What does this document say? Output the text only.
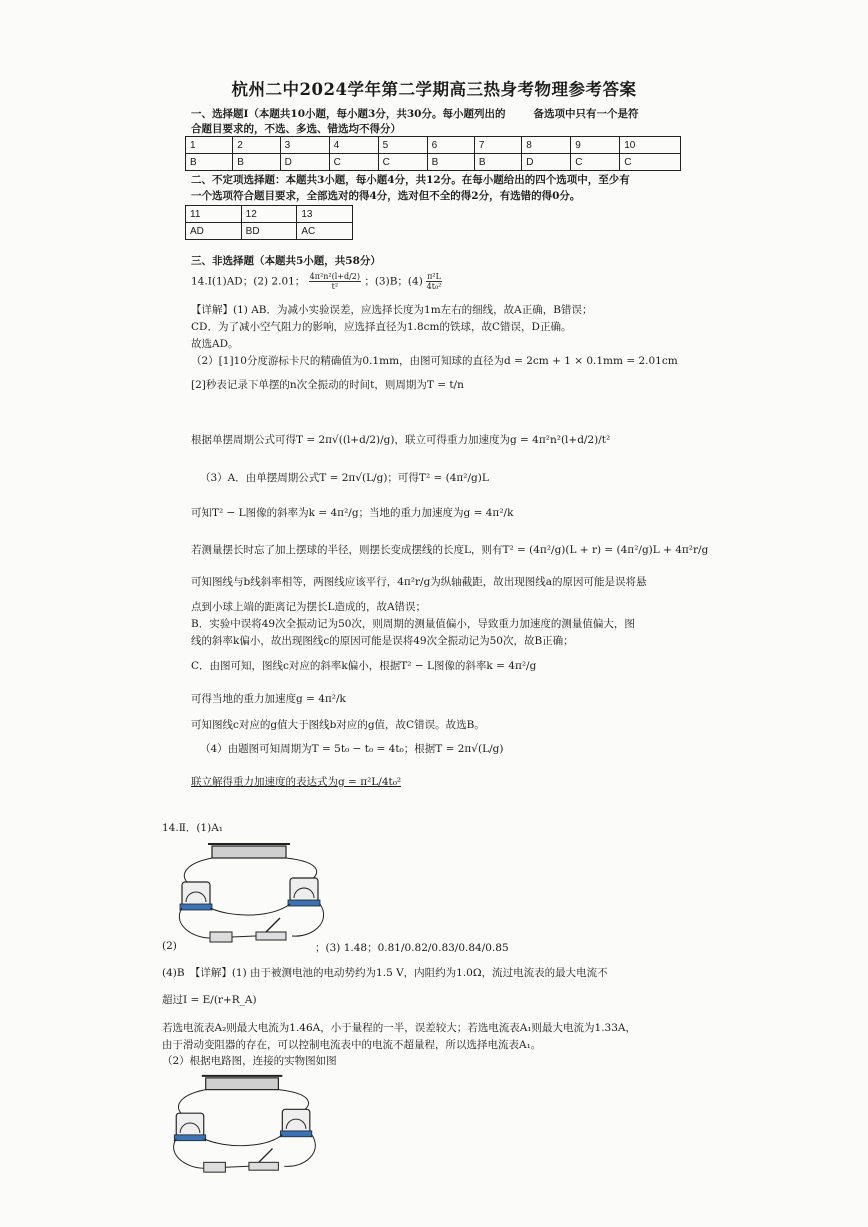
杭州二中2024学年第二学期高三热身考物理参考答案
一、选择题Ⅰ（本题共10小题，每小题3分，共30分。每小题列出的	备选项中只有一个是符
合题目要求的，不选、多选、错选均不得分）
1	2	3	4	5	6	7	8	9	10
B	B	D	C	C	B	B	D	C	C
二、不定项选择题：本题共3小题，每小题4分，共12分。在每小题给出的四个选项中，至少有
一个选项符合题目要求，全部选对的得4分，选对但不全的得2分，有选错的得0分。
11	12	13
AD	BD	AC
三、非选择题（本题共5小题，共58分）
14.Ⅰ(1)AD；(2) 2.01； $\frac{\text{4π²n²(l+d/2)}}{\text{t²}}$ ；(3)B；$(4) \frac{\text{π²L}}{\text{4t₀²}}$
【详解】(1) AB．为减小实验误差，应选择长度为1m左右的细线，故A正确，B错误；
CD．为了减小空气阻力的影响，应选择直径为1.8cm的铁球，故C错误，D正确。
故选AD。
（2）[1]10分度游标卡尺的精确值为0.1mm，由图可知球的直径为d = 2cm + 1 × 0.1mm = 2.01cm
[2]秒表记录下单摆的n次全振动的时间t，则周期为T = t/n
根据单摆周期公式可得T = 2π√((l+d/2)/g)，联立可得重力加速度为g = 4π²n²(l+d/2)/t²
（3）A．由单摆周期公式T = 2π√(L/g)；可得T² = (4π²/g)L
可知T² − L图像的斜率为k = 4π²/g；当地的重力加速度为g = 4π²/k
若测量摆长时忘了加上摆球的半径，则摆长变成摆线的长度L，则有T² = (4π²/g)(L + r) = (4π²/g)L + 4π²r/g
可知图线与b线斜率相等，两图线应该平行，4π²r/g为纵轴截距，故出现图线a的原因可能是误将悬
点到小球上端的距离记为摆长L造成的，故A错误；
B．实验中误将49次全振动记为50次，则周期的测量值偏小，导致重力加速度的测量值偏大，图
线的斜率k偏小，故出现图线c的原因可能是误将49次全振动记为50次，故B正确；
C．由图可知，图线c对应的斜率k偏小，根据T² − L图像的斜率k = 4π²/g
可得当地的重力加速度g = 4π²/k
可知图线c对应的g值大于图线b对应的g值，故C错误。故选B。
（4）由题图可知周期为T = 5t₀ − t₀ = 4t₀；根据T = 2π√(L/g)
联立解得重力加速度的表达式为g = π²L/4t₀²
14.Ⅱ．(1)A₁
(2)	；(3) 1.48；0.81/0.82/0.83/0.84/0.85
(4)B　【详解】(1) 由于被测电池的电动势约为1.5 V，内阻约为1.0Ω，流过电流表的最大电流不
超过I = E/(r+R_A)
若选电流表A₂则最大电流为1.46A，小于量程的一半，误差较大；若选电流表A₁则最大电流为1.33A，
由于滑动变阻器的存在，可以控制电流表中的电流不超量程，所以选择电流表A₁。
（2）根据电路图，连接的实物图如图
